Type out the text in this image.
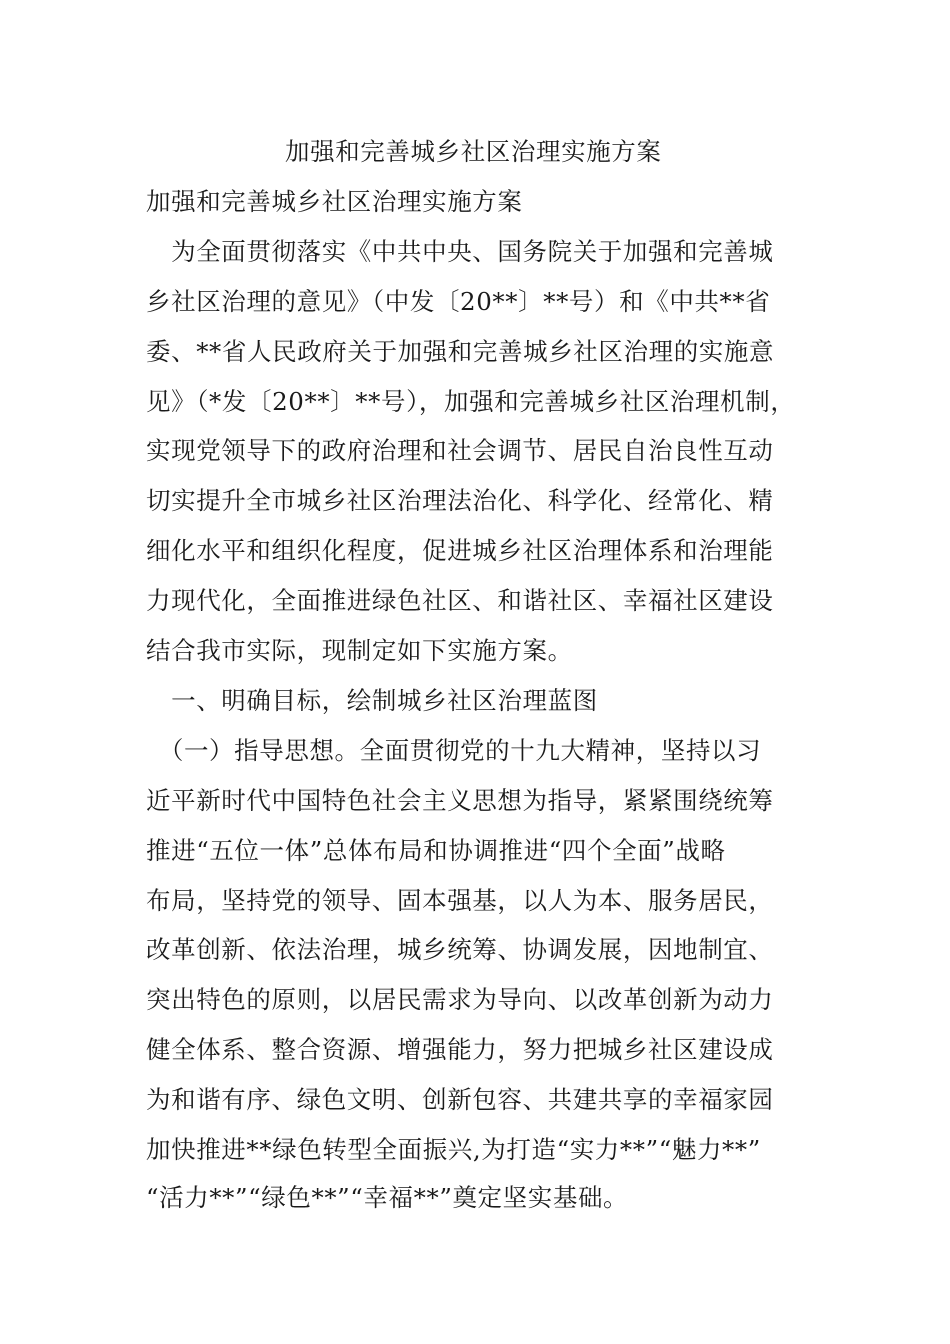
加强和完善城乡社区治理实施方案
加强和完善城乡社区治理实施方案
　为全面贯彻落实《中共中央、国务院关于加强和完善城
乡社区治理的意见》（中发〔20**〕**号）和《中共**省
委、**省人民政府关于加强和完善城乡社区治理的实施意
见》（*发〔20**〕**号），加强和完善城乡社区治理机制，
实现党领导下的政府治理和社会调节、居民自治良性互动
切实提升全市城乡社区治理法治化、科学化、经常化、精
细化水平和组织化程度，促进城乡社区治理体系和治理能
力现代化，全面推进绿色社区、和谐社区、幸福社区建设
结合我市实际，现制定如下实施方案。
　一、明确目标，绘制城乡社区治理蓝图
　（一）指导思想。全面贯彻党的十九大精神，坚持以习
近平新时代中国特色社会主义思想为指导，紧紧围绕统筹
推进“五位一体”总体布局和协调推进“四个全面”战略
布局，坚持党的领导、固本强基，以人为本、服务居民，
改革创新、依法治理，城乡统筹、协调发展，因地制宜、
突出特色的原则，以居民需求为导向、以改革创新为动力
健全体系、整合资源、增强能力，努力把城乡社区建设成
为和谐有序、绿色文明、创新包容、共建共享的幸福家园
加快推进**绿色转型全面振兴,为打造“实力**”“魅力**”
“活力**”“绿色**”“幸福**”奠定坚实基础。
